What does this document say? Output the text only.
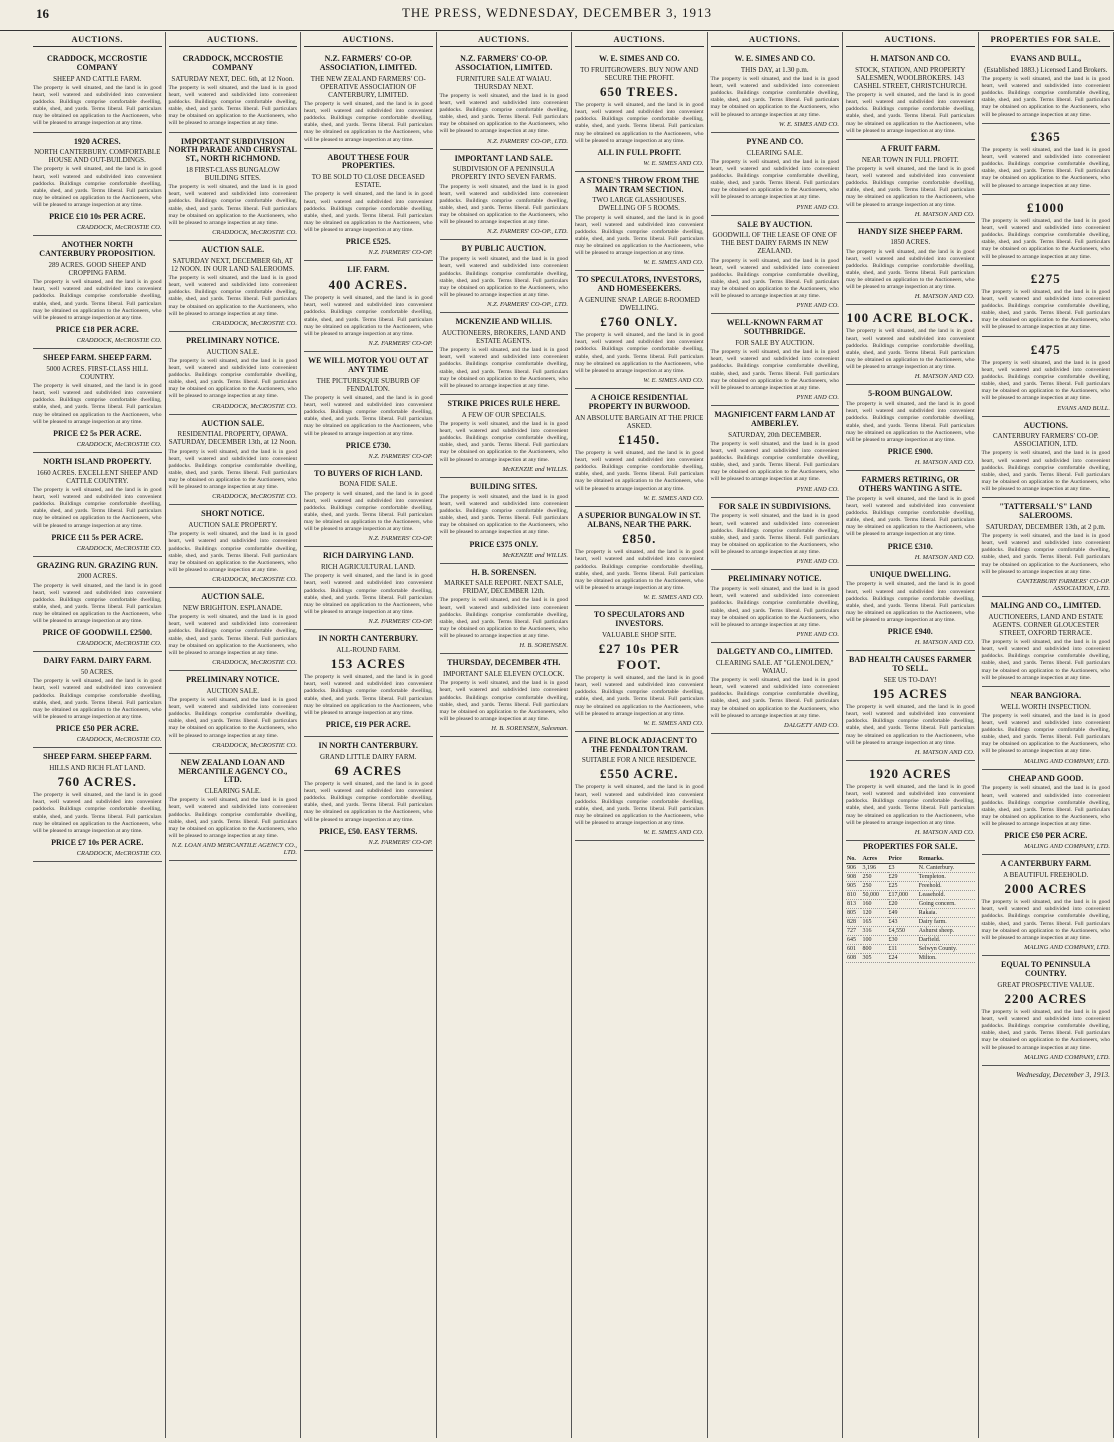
16	THE PRESS, WEDNESDAY, DECEMBER 3, 1913
AUCTIONS.
CRADDOCK, MCCROSTIE COMPANY
SHEEP AND CATTLE FARM.
The property is well situated, and the land is in good heart, well watered and subdivided into convenient paddocks. Buildings comprise comfortable dwelling, stable, shed, and yards. Terms liberal. Full particulars may be obtained on application to the Auctioneers, who will be pleased to arrange inspection at any time.
1920 ACRES.
NORTH CANTERBURY. COMFORTABLE HOUSE AND OUT-BUILDINGS.
The property is well situated, and the land is in good heart, well watered and subdivided into convenient paddocks. Buildings comprise comfortable dwelling, stable, shed, and yards. Terms liberal. Full particulars may be obtained on application to the Auctioneers, who will be pleased to arrange inspection at any time.
PRICE £10 10s PER ACRE.
CRADDOCK, McCROSTIE CO.
ANOTHER NORTH CANTERBURY PROPOSITION.
289 ACRES. GOOD SHEEP AND CROPPING FARM.
The property is well situated, and the land is in good heart, well watered and subdivided into convenient paddocks. Buildings comprise comfortable dwelling, stable, shed, and yards. Terms liberal. Full particulars may be obtained on application to the Auctioneers, who will be pleased to arrange inspection at any time.
PRICE £18 PER ACRE.
CRADDOCK, McCROSTIE CO.
SHEEP FARM. SHEEP FARM.
5000 ACRES. FIRST-CLASS HILL COUNTRY.
The property is well situated, and the land is in good heart, well watered and subdivided into convenient paddocks. Buildings comprise comfortable dwelling, stable, shed, and yards. Terms liberal. Full particulars may be obtained on application to the Auctioneers, who will be pleased to arrange inspection at any time.
PRICE £2 5s PER ACRE.
CRADDOCK, McCROSTIE CO.
NORTH ISLAND PROPERTY.
1660 ACRES. EXCELLENT SHEEP AND CATTLE COUNTRY.
The property is well situated, and the land is in good heart, well watered and subdivided into convenient paddocks. Buildings comprise comfortable dwelling, stable, shed, and yards. Terms liberal. Full particulars may be obtained on application to the Auctioneers, who will be pleased to arrange inspection at any time.
PRICE £11 5s PER ACRE.
CRADDOCK, McCROSTIE CO.
GRAZING RUN. GRAZING RUN.
2000 ACRES.
The property is well situated, and the land is in good heart, well watered and subdivided into convenient paddocks. Buildings comprise comfortable dwelling, stable, shed, and yards. Terms liberal. Full particulars may be obtained on application to the Auctioneers, who will be pleased to arrange inspection at any time.
PRICE OF GOODWILL £2500.
CRADDOCK, McCROSTIE CO.
DAIRY FARM. DAIRY FARM.
50 ACRES.
The property is well situated, and the land is in good heart, well watered and subdivided into convenient paddocks. Buildings comprise comfortable dwelling, stable, shed, and yards. Terms liberal. Full particulars may be obtained on application to the Auctioneers, who will be pleased to arrange inspection at any time.
PRICE £50 PER ACRE.
CRADDOCK, McCROSTIE CO.
SHEEP FARM. SHEEP FARM.
HILLS AND RICH FLAT LAND.
760 ACRES.
The property is well situated, and the land is in good heart, well watered and subdivided into convenient paddocks. Buildings comprise comfortable dwelling, stable, shed, and yards. Terms liberal. Full particulars may be obtained on application to the Auctioneers, who will be pleased to arrange inspection at any time.
PRICE £7 10s PER ACRE.
CRADDOCK, McCROSTIE CO.
AUCTIONS.
CRADDOCK, MCCROSTIE COMPANY
SATURDAY NEXT, DEC. 6th, at 12 Noon.
The property is well situated, and the land is in good heart, well watered and subdivided into convenient paddocks. Buildings comprise comfortable dwelling, stable, shed, and yards. Terms liberal. Full particulars may be obtained on application to the Auctioneers, who will be pleased to arrange inspection at any time.
IMPORTANT SUBDIVISION NORTH PARADE AND CHRYSTAL ST., NORTH RICHMOND.
18 FIRST-CLASS BUNGALOW BUILDING SITES.
The property is well situated, and the land is in good heart, well watered and subdivided into convenient paddocks. Buildings comprise comfortable dwelling, stable, shed, and yards. Terms liberal. Full particulars may be obtained on application to the Auctioneers, who will be pleased to arrange inspection at any time.
CRADDOCK, McCROSTIE CO.
AUCTION SALE.
SATURDAY NEXT, DECEMBER 6th, AT 12 NOON. IN OUR LAND SALEROOMS.
The property is well situated, and the land is in good heart, well watered and subdivided into convenient paddocks. Buildings comprise comfortable dwelling, stable, shed, and yards. Terms liberal. Full particulars may be obtained on application to the Auctioneers, who will be pleased to arrange inspection at any time.
CRADDOCK, McCROSTIE CO.
PRELIMINARY NOTICE.
AUCTION SALE.
The property is well situated, and the land is in good heart, well watered and subdivided into convenient paddocks. Buildings comprise comfortable dwelling, stable, shed, and yards. Terms liberal. Full particulars may be obtained on application to the Auctioneers, who will be pleased to arrange inspection at any time.
CRADDOCK, McCROSTIE CO.
AUCTION SALE.
RESIDENTIAL PROPERTY, OPAWA. SATURDAY, DECEMBER 13th, at 12 Noon.
The property is well situated, and the land is in good heart, well watered and subdivided into convenient paddocks. Buildings comprise comfortable dwelling, stable, shed, and yards. Terms liberal. Full particulars may be obtained on application to the Auctioneers, who will be pleased to arrange inspection at any time.
CRADDOCK, McCROSTIE CO.
SHORT NOTICE.
AUCTION SALE PROPERTY.
The property is well situated, and the land is in good heart, well watered and subdivided into convenient paddocks. Buildings comprise comfortable dwelling, stable, shed, and yards. Terms liberal. Full particulars may be obtained on application to the Auctioneers, who will be pleased to arrange inspection at any time.
CRADDOCK, McCROSTIE CO.
AUCTION SALE.
NEW BRIGHTON. ESPLANADE.
The property is well situated, and the land is in good heart, well watered and subdivided into convenient paddocks. Buildings comprise comfortable dwelling, stable, shed, and yards. Terms liberal. Full particulars may be obtained on application to the Auctioneers, who will be pleased to arrange inspection at any time.
CRADDOCK, McCROSTIE CO.
PRELIMINARY NOTICE.
AUCTION SALE.
The property is well situated, and the land is in good heart, well watered and subdivided into convenient paddocks. Buildings comprise comfortable dwelling, stable, shed, and yards. Terms liberal. Full particulars may be obtained on application to the Auctioneers, who will be pleased to arrange inspection at any time.
CRADDOCK, McCROSTIE CO.
NEW ZEALAND LOAN AND MERCANTILE AGENCY CO., LTD.
CLEARING SALE.
The property is well situated, and the land is in good heart, well watered and subdivided into convenient paddocks. Buildings comprise comfortable dwelling, stable, shed, and yards. Terms liberal. Full particulars may be obtained on application to the Auctioneers, who will be pleased to arrange inspection at any time.
N.Z. LOAN AND MERCANTILE AGENCY CO., LTD.
AUCTIONS.
N.Z. FARMERS' CO-OP. ASSOCIATION, LIMITED.
THE NEW ZEALAND FARMERS' CO-OPERATIVE ASSOCIATION OF CANTERBURY, LIMITED.
The property is well situated, and the land is in good heart, well watered and subdivided into convenient paddocks. Buildings comprise comfortable dwelling, stable, shed, and yards. Terms liberal. Full particulars may be obtained on application to the Auctioneers, who will be pleased to arrange inspection at any time.
ABOUT THESE FOUR PROPERTIES.
TO BE SOLD TO CLOSE DECEASED ESTATE.
The property is well situated, and the land is in good heart, well watered and subdivided into convenient paddocks. Buildings comprise comfortable dwelling, stable, shed, and yards. Terms liberal. Full particulars may be obtained on application to the Auctioneers, who will be pleased to arrange inspection at any time.
PRICE £525.
N.Z. FARMERS' CO-OP.
LIF. FARM.
400 ACRES.
The property is well situated, and the land is in good heart, well watered and subdivided into convenient paddocks. Buildings comprise comfortable dwelling, stable, shed, and yards. Terms liberal. Full particulars may be obtained on application to the Auctioneers, who will be pleased to arrange inspection at any time.
N.Z. FARMERS' CO-OP.
WE WILL MOTOR YOU OUT AT ANY TIME
THE PICTURESQUE SUBURB OF FENDALTON.
The property is well situated, and the land is in good heart, well watered and subdivided into convenient paddocks. Buildings comprise comfortable dwelling, stable, shed, and yards. Terms liberal. Full particulars may be obtained on application to the Auctioneers, who will be pleased to arrange inspection at any time.
PRICE £730.
N.Z. FARMERS' CO-OP.
TO BUYERS OF RICH LAND.
BONA FIDE SALE.
The property is well situated, and the land is in good heart, well watered and subdivided into convenient paddocks. Buildings comprise comfortable dwelling, stable, shed, and yards. Terms liberal. Full particulars may be obtained on application to the Auctioneers, who will be pleased to arrange inspection at any time.
N.Z. FARMERS' CO-OP.
RICH DAIRYING LAND.
RICH AGRICULTURAL LAND.
The property is well situated, and the land is in good heart, well watered and subdivided into convenient paddocks. Buildings comprise comfortable dwelling, stable, shed, and yards. Terms liberal. Full particulars may be obtained on application to the Auctioneers, who will be pleased to arrange inspection at any time.
N.Z. FARMERS' CO-OP.
IN NORTH CANTERBURY.
ALL-ROUND FARM.
153 ACRES
The property is well situated, and the land is in good heart, well watered and subdivided into convenient paddocks. Buildings comprise comfortable dwelling, stable, shed, and yards. Terms liberal. Full particulars may be obtained on application to the Auctioneers, who will be pleased to arrange inspection at any time.
PRICE, £19 PER ACRE.
IN NORTH CANTERBURY.
GRAND LITTLE DAIRY FARM.
69 ACRES
The property is well situated, and the land is in good heart, well watered and subdivided into convenient paddocks. Buildings comprise comfortable dwelling, stable, shed, and yards. Terms liberal. Full particulars may be obtained on application to the Auctioneers, who will be pleased to arrange inspection at any time.
PRICE, £50. EASY TERMS.
N.Z. FARMERS' CO-OP.
AUCTIONS.
N.Z. FARMERS' CO-OP. ASSOCIATION, LIMITED.
FURNITURE SALE AT WAIAU. THURSDAY NEXT.
The property is well situated, and the land is in good heart, well watered and subdivided into convenient paddocks. Buildings comprise comfortable dwelling, stable, shed, and yards. Terms liberal. Full particulars may be obtained on application to the Auctioneers, who will be pleased to arrange inspection at any time.
N.Z. FARMERS' CO-OP., LTD.
IMPORTANT LAND SALE.
SUBDIVISION OF A PENINSULA PROPERTY INTO SEVEN FARMS.
The property is well situated, and the land is in good heart, well watered and subdivided into convenient paddocks. Buildings comprise comfortable dwelling, stable, shed, and yards. Terms liberal. Full particulars may be obtained on application to the Auctioneers, who will be pleased to arrange inspection at any time.
N.Z. FARMERS' CO-OP., LTD.
BY PUBLIC AUCTION.
The property is well situated, and the land is in good heart, well watered and subdivided into convenient paddocks. Buildings comprise comfortable dwelling, stable, shed, and yards. Terms liberal. Full particulars may be obtained on application to the Auctioneers, who will be pleased to arrange inspection at any time.
N.Z. FARMERS' CO-OP., LTD.
MCKENZIE AND WILLIS.
AUCTIONEERS, BROKERS, LAND AND ESTATE AGENTS.
The property is well situated, and the land is in good heart, well watered and subdivided into convenient paddocks. Buildings comprise comfortable dwelling, stable, shed, and yards. Terms liberal. Full particulars may be obtained on application to the Auctioneers, who will be pleased to arrange inspection at any time.
STRIKE PRICES RULE HERE.
A FEW OF OUR SPECIALS.
The property is well situated, and the land is in good heart, well watered and subdivided into convenient paddocks. Buildings comprise comfortable dwelling, stable, shed, and yards. Terms liberal. Full particulars may be obtained on application to the Auctioneers, who will be pleased to arrange inspection at any time.
McKENZIE and WILLIS.
BUILDING SITES.
The property is well situated, and the land is in good heart, well watered and subdivided into convenient paddocks. Buildings comprise comfortable dwelling, stable, shed, and yards. Terms liberal. Full particulars may be obtained on application to the Auctioneers, who will be pleased to arrange inspection at any time.
PRICE £375 ONLY.
McKENZIE and WILLIS.
H. B. SORENSEN.
MARKET SALE REPORT. NEXT SALE, FRIDAY, DECEMBER 12th.
The property is well situated, and the land is in good heart, well watered and subdivided into convenient paddocks. Buildings comprise comfortable dwelling, stable, shed, and yards. Terms liberal. Full particulars may be obtained on application to the Auctioneers, who will be pleased to arrange inspection at any time.
H. B. SORENSEN.
THURSDAY, DECEMBER 4TH.
IMPORTANT SALE ELEVEN O'CLOCK.
The property is well situated, and the land is in good heart, well watered and subdivided into convenient paddocks. Buildings comprise comfortable dwelling, stable, shed, and yards. Terms liberal. Full particulars may be obtained on application to the Auctioneers, who will be pleased to arrange inspection at any time.
H. B. SORENSEN, Salesman.
AUCTIONS.
W. E. SIMES AND CO.
TO FRUITGROWERS. BUY NOW AND SECURE THE PROFIT.
650 TREES.
The property is well situated, and the land is in good heart, well watered and subdivided into convenient paddocks. Buildings comprise comfortable dwelling, stable, shed, and yards. Terms liberal. Full particulars may be obtained on application to the Auctioneers, who will be pleased to arrange inspection at any time.
ALL IN FULL PROFIT.
W. E. SIMES AND CO.
A STONE'S THROW FROM THE MAIN TRAM SECTION.
TWO LARGE GLASSHOUSES. DWELLING OF 5 ROOMS.
The property is well situated, and the land is in good heart, well watered and subdivided into convenient paddocks. Buildings comprise comfortable dwelling, stable, shed, and yards. Terms liberal. Full particulars may be obtained on application to the Auctioneers, who will be pleased to arrange inspection at any time.
W. E. SIMES AND CO.
TO SPECULATORS, INVESTORS, AND HOMESEEKERS.
A GENUINE SNAP. LARGE 8-ROOMED DWELLING.
£760 ONLY.
The property is well situated, and the land is in good heart, well watered and subdivided into convenient paddocks. Buildings comprise comfortable dwelling, stable, shed, and yards. Terms liberal. Full particulars may be obtained on application to the Auctioneers, who will be pleased to arrange inspection at any time.
W. E. SIMES AND CO.
A CHOICE RESIDENTIAL PROPERTY IN BURWOOD.
AN ABSOLUTE BARGAIN AT THE PRICE ASKED.
£1450.
The property is well situated, and the land is in good heart, well watered and subdivided into convenient paddocks. Buildings comprise comfortable dwelling, stable, shed, and yards. Terms liberal. Full particulars may be obtained on application to the Auctioneers, who will be pleased to arrange inspection at any time.
W. E. SIMES AND CO.
A SUPERIOR BUNGALOW IN ST. ALBANS, NEAR THE PARK.
£850.
The property is well situated, and the land is in good heart, well watered and subdivided into convenient paddocks. Buildings comprise comfortable dwelling, stable, shed, and yards. Terms liberal. Full particulars may be obtained on application to the Auctioneers, who will be pleased to arrange inspection at any time.
W. E. SIMES AND CO.
TO SPECULATORS AND INVESTORS.
VALUABLE SHOP SITE.
£27 10s PER FOOT.
The property is well situated, and the land is in good heart, well watered and subdivided into convenient paddocks. Buildings comprise comfortable dwelling, stable, shed, and yards. Terms liberal. Full particulars may be obtained on application to the Auctioneers, who will be pleased to arrange inspection at any time.
W. E. SIMES AND CO.
A FINE BLOCK ADJACENT TO THE FENDALTON TRAM.
SUITABLE FOR A NICE RESIDENCE.
£550 ACRE.
The property is well situated, and the land is in good heart, well watered and subdivided into convenient paddocks. Buildings comprise comfortable dwelling, stable, shed, and yards. Terms liberal. Full particulars may be obtained on application to the Auctioneers, who will be pleased to arrange inspection at any time.
W. E. SIMES AND CO.
AUCTIONS.
W. E. SIMES AND CO.
THIS DAY, at 1.30 p.m.
The property is well situated, and the land is in good heart, well watered and subdivided into convenient paddocks. Buildings comprise comfortable dwelling, stable, shed, and yards. Terms liberal. Full particulars may be obtained on application to the Auctioneers, who will be pleased to arrange inspection at any time.
W. E. SIMES AND CO.
PYNE AND CO.
CLEARING SALE.
The property is well situated, and the land is in good heart, well watered and subdivided into convenient paddocks. Buildings comprise comfortable dwelling, stable, shed, and yards. Terms liberal. Full particulars may be obtained on application to the Auctioneers, who will be pleased to arrange inspection at any time.
PYNE AND CO.
SALE BY AUCTION.
GOODWILL OF THE LEASE OF ONE OF THE BEST DAIRY FARMS IN NEW ZEALAND.
The property is well situated, and the land is in good heart, well watered and subdivided into convenient paddocks. Buildings comprise comfortable dwelling, stable, shed, and yards. Terms liberal. Full particulars may be obtained on application to the Auctioneers, who will be pleased to arrange inspection at any time.
PYNE AND CO.
WELL-KNOWN FARM AT SOUTHBRIDGE.
FOR SALE BY AUCTION.
The property is well situated, and the land is in good heart, well watered and subdivided into convenient paddocks. Buildings comprise comfortable dwelling, stable, shed, and yards. Terms liberal. Full particulars may be obtained on application to the Auctioneers, who will be pleased to arrange inspection at any time.
PYNE AND CO.
MAGNIFICENT FARM LAND AT AMBERLEY.
SATURDAY, 20th DECEMBER.
The property is well situated, and the land is in good heart, well watered and subdivided into convenient paddocks. Buildings comprise comfortable dwelling, stable, shed, and yards. Terms liberal. Full particulars may be obtained on application to the Auctioneers, who will be pleased to arrange inspection at any time.
PYNE AND CO.
FOR SALE IN SUBDIVISIONS.
The property is well situated, and the land is in good heart, well watered and subdivided into convenient paddocks. Buildings comprise comfortable dwelling, stable, shed, and yards. Terms liberal. Full particulars may be obtained on application to the Auctioneers, who will be pleased to arrange inspection at any time.
PYNE AND CO.
PRELIMINARY NOTICE.
The property is well situated, and the land is in good heart, well watered and subdivided into convenient paddocks. Buildings comprise comfortable dwelling, stable, shed, and yards. Terms liberal. Full particulars may be obtained on application to the Auctioneers, who will be pleased to arrange inspection at any time.
PYNE AND CO.
DALGETY AND CO., LIMITED.
CLEARING SALE. AT "GLENOLDEN," WAIAU.
The property is well situated, and the land is in good heart, well watered and subdivided into convenient paddocks. Buildings comprise comfortable dwelling, stable, shed, and yards. Terms liberal. Full particulars may be obtained on application to the Auctioneers, who will be pleased to arrange inspection at any time.
DALGETY AND CO.
AUCTIONS.
H. MATSON AND CO.
STOCK, STATION, AND PROPERTY SALESMEN, WOOLBROKERS. 143 CASHEL STREET, CHRISTCHURCH.
The property is well situated, and the land is in good heart, well watered and subdivided into convenient paddocks. Buildings comprise comfortable dwelling, stable, shed, and yards. Terms liberal. Full particulars may be obtained on application to the Auctioneers, who will be pleased to arrange inspection at any time.
A FRUIT FARM.
NEAR TOWN IN FULL PROFIT.
The property is well situated, and the land is in good heart, well watered and subdivided into convenient paddocks. Buildings comprise comfortable dwelling, stable, shed, and yards. Terms liberal. Full particulars may be obtained on application to the Auctioneers, who will be pleased to arrange inspection at any time.
H. MATSON AND CO.
HANDY SIZE SHEEP FARM.
1850 ACRES.
The property is well situated, and the land is in good heart, well watered and subdivided into convenient paddocks. Buildings comprise comfortable dwelling, stable, shed, and yards. Terms liberal. Full particulars may be obtained on application to the Auctioneers, who will be pleased to arrange inspection at any time.
H. MATSON AND CO.
100 ACRE BLOCK.
The property is well situated, and the land is in good heart, well watered and subdivided into convenient paddocks. Buildings comprise comfortable dwelling, stable, shed, and yards. Terms liberal. Full particulars may be obtained on application to the Auctioneers, who will be pleased to arrange inspection at any time.
H. MATSON AND CO.
5-ROOM BUNGALOW.
The property is well situated, and the land is in good heart, well watered and subdivided into convenient paddocks. Buildings comprise comfortable dwelling, stable, shed, and yards. Terms liberal. Full particulars may be obtained on application to the Auctioneers, who will be pleased to arrange inspection at any time.
PRICE £900.
H. MATSON AND CO.
FARMERS RETIRING, OR OTHERS WANTING A SITE.
The property is well situated, and the land is in good heart, well watered and subdivided into convenient paddocks. Buildings comprise comfortable dwelling, stable, shed, and yards. Terms liberal. Full particulars may be obtained on application to the Auctioneers, who will be pleased to arrange inspection at any time.
PRICE £310.
H. MATSON AND CO.
UNIQUE DWELLING.
The property is well situated, and the land is in good heart, well watered and subdivided into convenient paddocks. Buildings comprise comfortable dwelling, stable, shed, and yards. Terms liberal. Full particulars may be obtained on application to the Auctioneers, who will be pleased to arrange inspection at any time.
PRICE £940.
H. MATSON AND CO.
BAD HEALTH CAUSES FARMER TO SELL.
SEE US TO-DAY!
195 ACRES
The property is well situated, and the land is in good heart, well watered and subdivided into convenient paddocks. Buildings comprise comfortable dwelling, stable, shed, and yards. Terms liberal. Full particulars may be obtained on application to the Auctioneers, who will be pleased to arrange inspection at any time.
H. MATSON AND CO.
1920 ACRES
The property is well situated, and the land is in good heart, well watered and subdivided into convenient paddocks. Buildings comprise comfortable dwelling, stable, shed, and yards. Terms liberal. Full particulars may be obtained on application to the Auctioneers, who will be pleased to arrange inspection at any time.
H. MATSON AND CO.
PROPERTIES FOR SALE.
No.	Acres	Price	Remarks.
906	3,196	£3	N. Canterbury.
908	250	£29	Templeton.
905	250	£25	Freehold.
810	50,000	£17,000	Leasehold.
813	160	£20	Going concern.
805	120	£49	Rakaia.
828	165	£43	Dairy farm.
727	316	£4,550	Ashurst sheep.
645	100	£30	Darfield.
601	800	£11	Selwyn County.
608	305	£24	Milton.
PROPERTIES FOR SALE.
EVANS AND BULL,
(Established 1883.) Licensed Land Brokers.
The property is well situated, and the land is in good heart, well watered and subdivided into convenient paddocks. Buildings comprise comfortable dwelling, stable, shed, and yards. Terms liberal. Full particulars may be obtained on application to the Auctioneers, who will be pleased to arrange inspection at any time.
£365
The property is well situated, and the land is in good heart, well watered and subdivided into convenient paddocks. Buildings comprise comfortable dwelling, stable, shed, and yards. Terms liberal. Full particulars may be obtained on application to the Auctioneers, who will be pleased to arrange inspection at any time.
£1000
The property is well situated, and the land is in good heart, well watered and subdivided into convenient paddocks. Buildings comprise comfortable dwelling, stable, shed, and yards. Terms liberal. Full particulars may be obtained on application to the Auctioneers, who will be pleased to arrange inspection at any time.
£275
The property is well situated, and the land is in good heart, well watered and subdivided into convenient paddocks. Buildings comprise comfortable dwelling, stable, shed, and yards. Terms liberal. Full particulars may be obtained on application to the Auctioneers, who will be pleased to arrange inspection at any time.
£475
The property is well situated, and the land is in good heart, well watered and subdivided into convenient paddocks. Buildings comprise comfortable dwelling, stable, shed, and yards. Terms liberal. Full particulars may be obtained on application to the Auctioneers, who will be pleased to arrange inspection at any time.
EVANS AND BULL.
AUCTIONS.
CANTERBURY FARMERS' CO-OP. ASSOCIATION, LTD.
The property is well situated, and the land is in good heart, well watered and subdivided into convenient paddocks. Buildings comprise comfortable dwelling, stable, shed, and yards. Terms liberal. Full particulars may be obtained on application to the Auctioneers, who will be pleased to arrange inspection at any time.
"TATTERSALL'S" LAND SALEROOMS.
SATURDAY, DECEMBER 13th, at 2 p.m.
The property is well situated, and the land is in good heart, well watered and subdivided into convenient paddocks. Buildings comprise comfortable dwelling, stable, shed, and yards. Terms liberal. Full particulars may be obtained on application to the Auctioneers, who will be pleased to arrange inspection at any time.
CANTERBURY FARMERS' CO-OP. ASSOCIATION, LTD.
MALING AND CO., LIMITED.
AUCTIONEERS, LAND AND ESTATE AGENTS. CORNER GLOUCESTER STREET, OXFORD TERRACE.
The property is well situated, and the land is in good heart, well watered and subdivided into convenient paddocks. Buildings comprise comfortable dwelling, stable, shed, and yards. Terms liberal. Full particulars may be obtained on application to the Auctioneers, who will be pleased to arrange inspection at any time.
NEAR BANGIORA.
WELL WORTH INSPECTION.
The property is well situated, and the land is in good heart, well watered and subdivided into convenient paddocks. Buildings comprise comfortable dwelling, stable, shed, and yards. Terms liberal. Full particulars may be obtained on application to the Auctioneers, who will be pleased to arrange inspection at any time.
MALING AND COMPANY, LTD.
CHEAP AND GOOD.
The property is well situated, and the land is in good heart, well watered and subdivided into convenient paddocks. Buildings comprise comfortable dwelling, stable, shed, and yards. Terms liberal. Full particulars may be obtained on application to the Auctioneers, who will be pleased to arrange inspection at any time.
PRICE £50 PER ACRE.
MALING AND COMPANY, LTD.
A CANTERBURY FARM.
A BEAUTIFUL FREEHOLD.
2000 ACRES
The property is well situated, and the land is in good heart, well watered and subdivided into convenient paddocks. Buildings comprise comfortable dwelling, stable, shed, and yards. Terms liberal. Full particulars may be obtained on application to the Auctioneers, who will be pleased to arrange inspection at any time.
MALING AND COMPANY, LTD.
EQUAL TO PENINSULA COUNTRY.
GREAT PROSPECTIVE VALUE.
2200 ACRES
The property is well situated, and the land is in good heart, well watered and subdivided into convenient paddocks. Buildings comprise comfortable dwelling, stable, shed, and yards. Terms liberal. Full particulars may be obtained on application to the Auctioneers, who will be pleased to arrange inspection at any time.
MALING AND COMPANY, LTD.
Wednesday, December 3, 1913.
